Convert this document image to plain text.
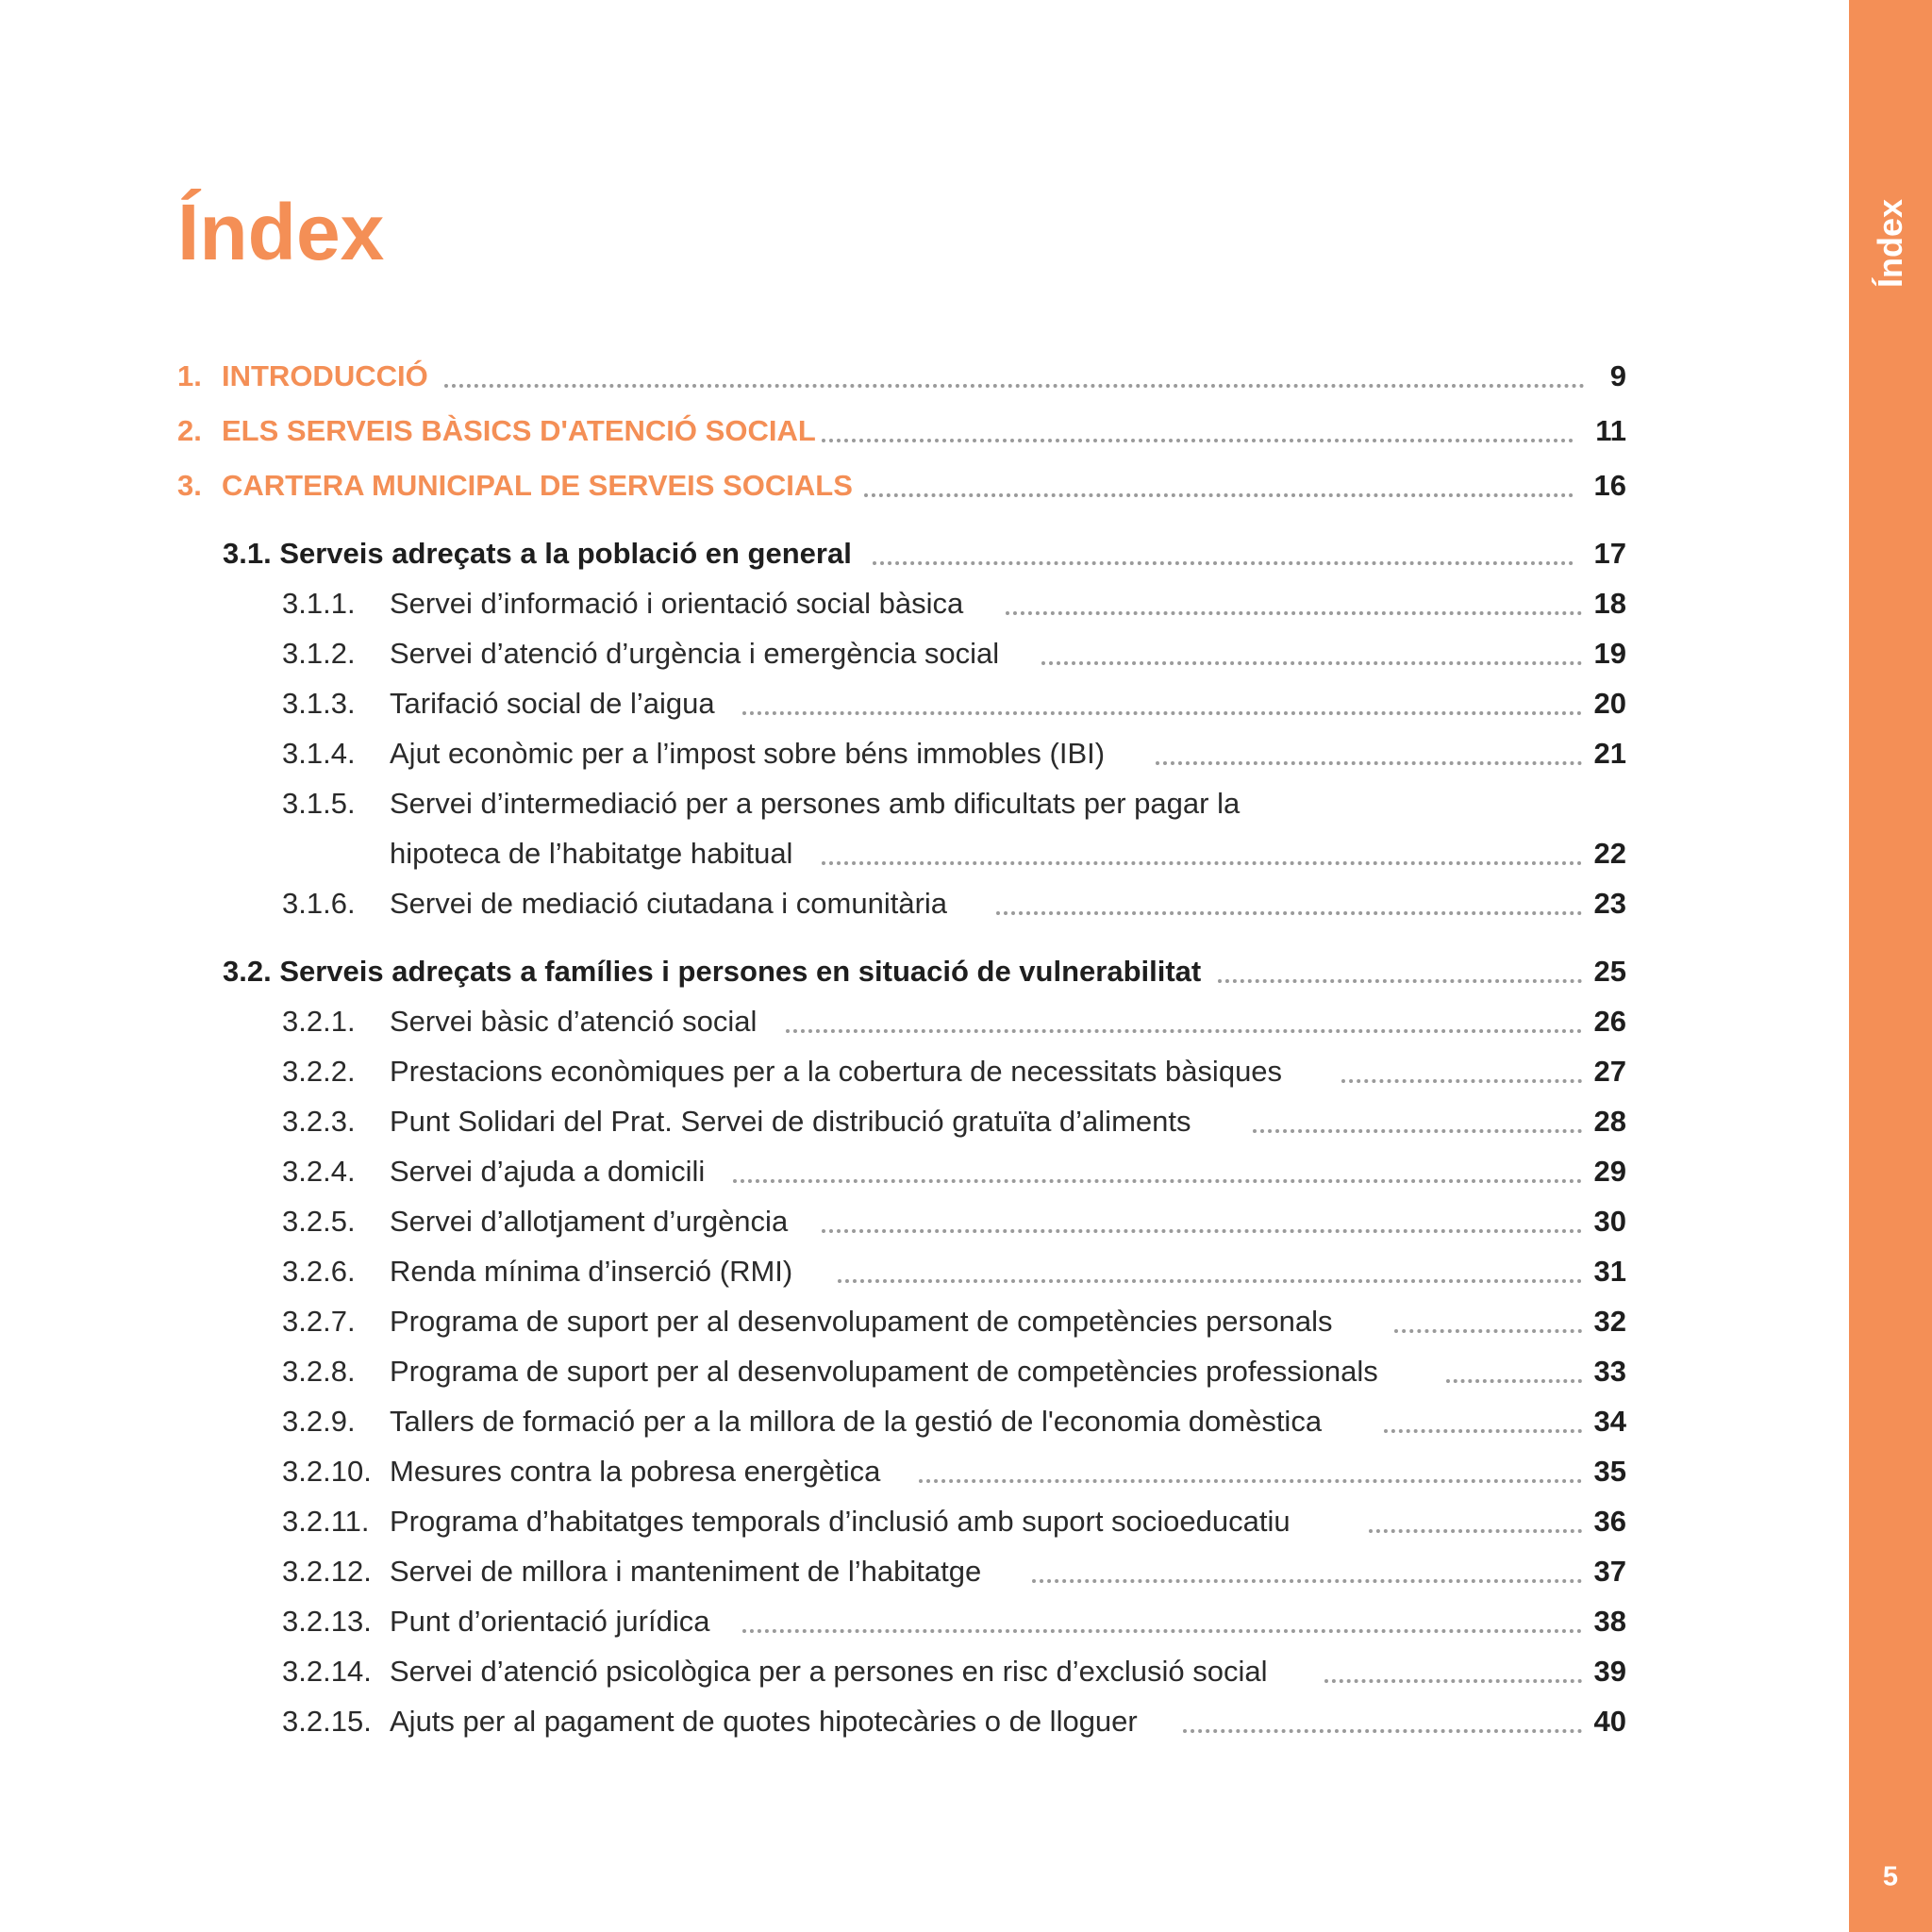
Índex
5
Índex
1. INTRODUCCIÓ	9
2. ELS SERVEIS BÀSICS D'ATENCIÓ SOCIAL	11
3. CARTERA MUNICIPAL DE SERVEIS SOCIALS	16
3.1. Serveis adreçats a la població en general	17
3.1.1. Servei d’informació i orientació social bàsica	18
3.1.2. Servei d’atenció d’urgència i emergència social	19
3.1.3. Tarifació social de l’aigua	20
3.1.4. Ajut econòmic per a l’impost sobre béns immobles (IBI)	21
3.1.5. Servei d’intermediació per a persones amb dificultats per pagar la
hipoteca de l’habitatge habitual	22
3.1.6. Servei de mediació ciutadana i comunitària	23
3.2. Serveis adreçats a famílies i persones en situació de vulnerabilitat	25
3.2.1. Servei bàsic d’atenció social	26
3.2.2. Prestacions econòmiques per a la cobertura de necessitats bàsiques	27
3.2.3. Punt Solidari del Prat. Servei de distribució gratuïta d’aliments	28
3.2.4. Servei d’ajuda a domicili	29
3.2.5. Servei d’allotjament d’urgència	30
3.2.6. Renda mínima d’inserció (RMI)	31
3.2.7. Programa de suport per al desenvolupament de competències personals	32
3.2.8. Programa de suport per al desenvolupament de competències professionals	33
3.2.9. Tallers de formació per a la millora de la gestió de l'economia domèstica	34
3.2.10. Mesures contra la pobresa energètica	35
3.2.11. Programa d’habitatges temporals d’inclusió amb suport socioeducatiu	36
3.2.12. Servei de millora i manteniment de l’habitatge	37
3.2.13. Punt d’orientació jurídica	38
3.2.14. Servei d’atenció psicològica per a persones en risc d’exclusió social	39
3.2.15. Ajuts per al pagament de quotes hipotecàries o de lloguer	40
